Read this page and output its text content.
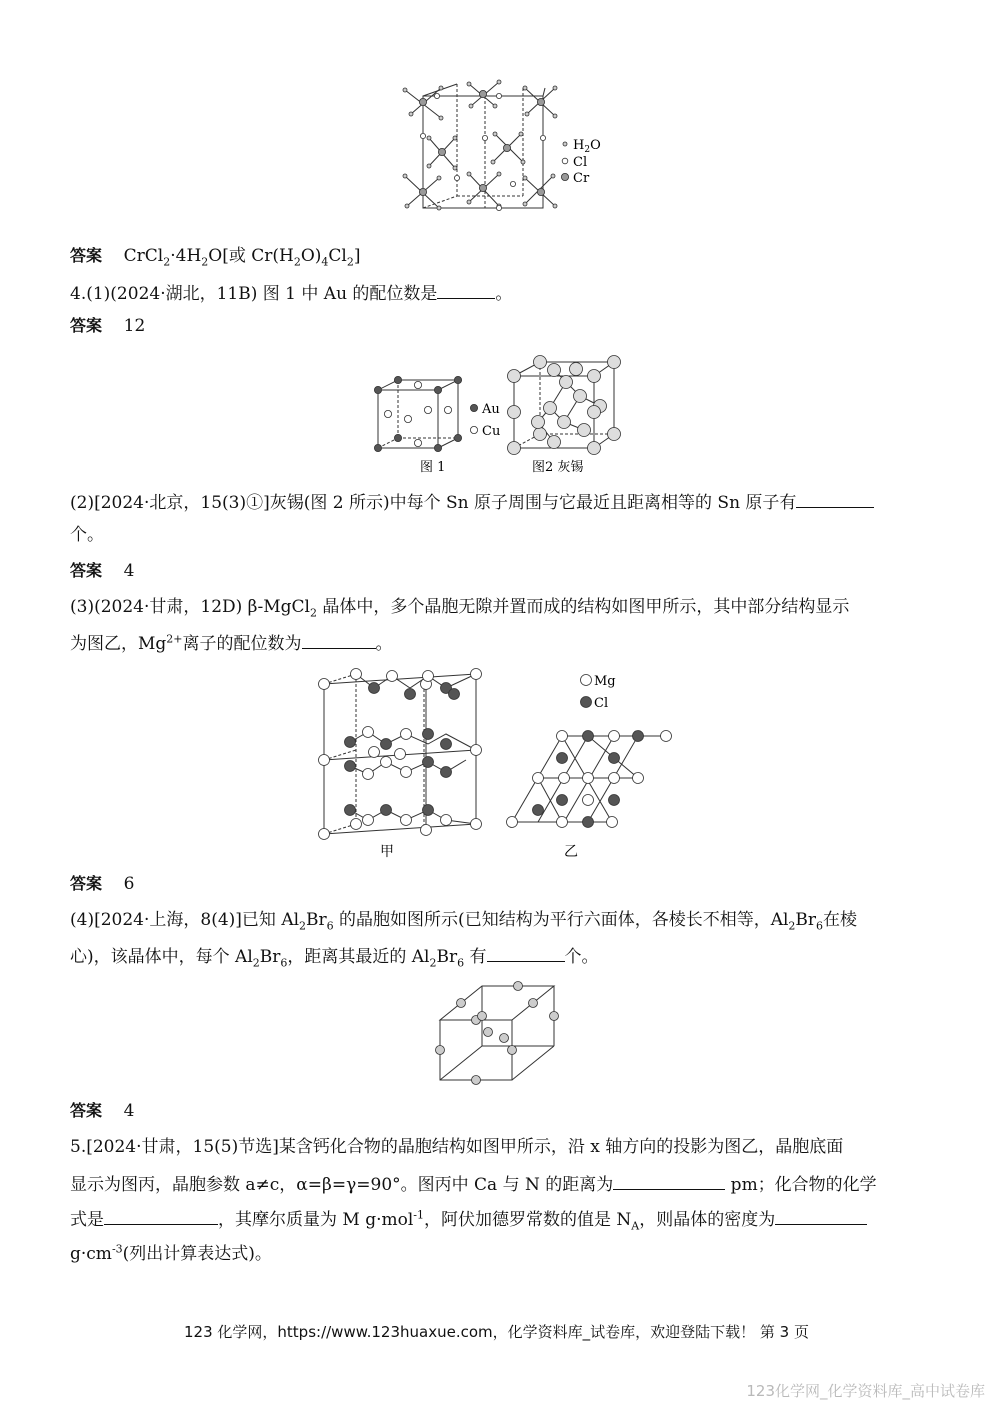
$H_2O$
Cl
Cr
答案 $CrCl_2\cdot 4H_2O$[或 $Cr(H_2O)_4Cl_2$]
4.(1)(2024·湖北，11B) 图 1 中 Au 的配位数是	。
答案 12
Au
Cu
图 1	图2 灰锡
(2)[2024·北京，15(3)①]灰锡(图 2 所示)中每个 Sn 原子周围与它最近且距离相等的 Sn 原子有
个。
答案 4
(3)(2024·甘肃，12D) β-MgCl$_2$ 晶体中，多个晶胞无隙并置而成的结构如图甲所示，其中部分结构显示
为图乙，$Mg^{2+}$离子的配位数为	。
甲
Mg
Cl
乙
答案 6
(4)[2024·上海，8(4)]已知 $Al_2Br_6$ 的晶胞如图所示(已知结构为平行六面体，各棱长不相等，$Al_2Br_6$在棱
心)，该晶体中，每个 $Al_2Br_6$，距离其最近的 $Al_2Br_6$ 有	个。
答案 4
5.[2024·甘肃，15(5)节选]某含钙化合物的晶胞结构如图甲所示，沿 x 轴方向的投影为图乙，晶胞底面
显示为图丙，晶胞参数 a≠c，α=β=γ=90°。图丙中 Ca 与 N 的距离为	pm；化合物的化学
式是	，其摩尔质量为 M g·mol$^{-1}$，阿伏加德罗常数的值是 $N_A$，则晶体的密度为
$g\cdot cm^{-3}$(列出计算表达式)。
123 化学网，https://www.123huaxue.com，化学资料库_试卷库，欢迎登陆下载！ 第 3 页
123化学网_化学资料库_高中试卷库
